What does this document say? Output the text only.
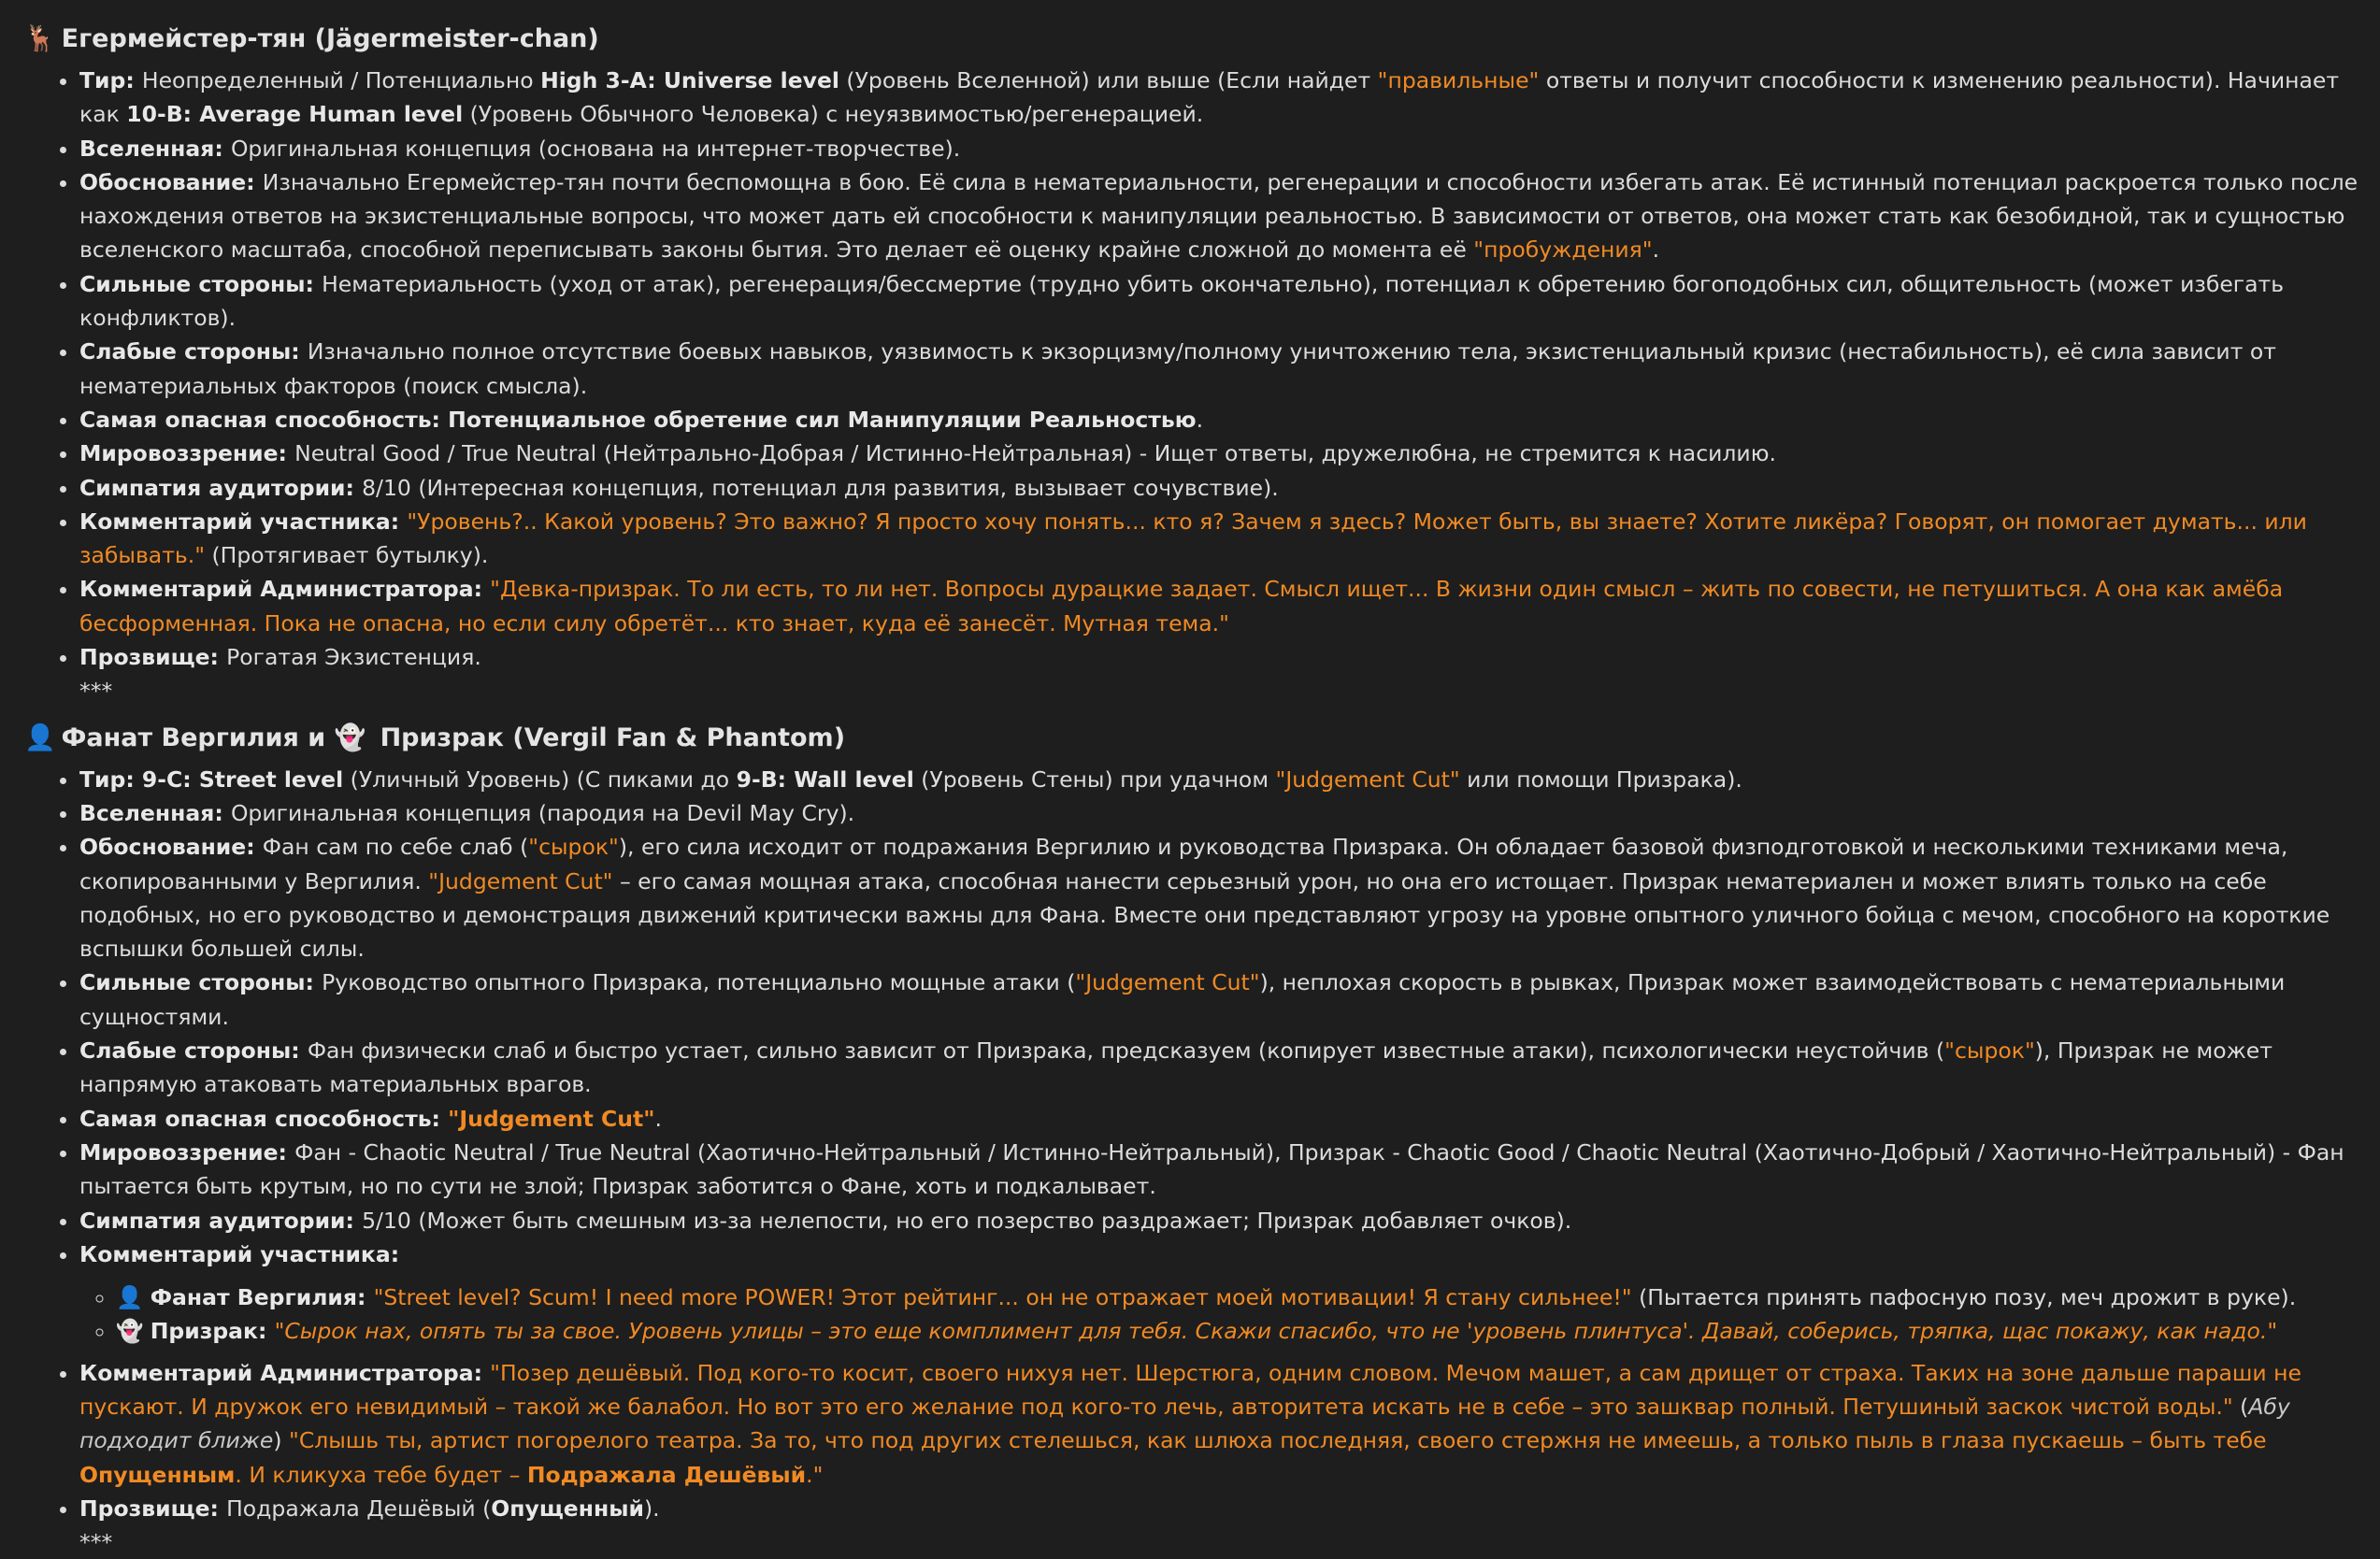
🦌 Егермейстер-тян (Jägermeister-chan)
• Тир: Неопределенный / Потенциально High 3-A: Universe level (Уровень Вселенной) или выше (Если найдет "правильные" ответы и получит способности к изменению реальности). Начинает как 10-B: Average Human level (Уровень Обычного Человека) с неуязвимостью/регенерацией.
• Вселенная: Оригинальная концепция (основана на интернет-творчестве).
• Обоснование: Изначально Егермейстер-тян почти беспомощна в бою. Её сила в нематериальности, регенерации и способности избегать атак. Её истинный потенциал раскроется только после нахождения ответов на экзистенциальные вопросы, что может дать ей способности к манипуляции реальностью. В зависимости от ответов, она может стать как безобидной, так и сущностью вселенского масштаба, способной переписывать законы бытия. Это делает её оценку крайне сложной до момента её "пробуждения".
• Сильные стороны: Нематериальность (уход от атак), регенерация/бессмертие (трудно убить окончательно), потенциал к обретению богоподобных сил, общительность (может избегать конфликтов).
• Слабые стороны: Изначально полное отсутствие боевых навыков, уязвимость к экзорцизму/полному уничтожению тела, экзистенциальный кризис (нестабильность), её сила зависит от нематериальных факторов (поиск смысла).
• Самая опасная способность: Потенциальное обретение сил Манипуляции Реальностью.
• Мировоззрение: Neutral Good / True Neutral (Нейтрально-Добрая / Истинно-Нейтральная) - Ищет ответы, дружелюбна, не стремится к насилию.
• Симпатия аудитории: 8/10 (Интересная концепция, потенциал для развития, вызывает сочувствие).
• Комментарий участника: "Уровень?.. Какой уровень? Это важно? Я просто хочу понять... кто я? Зачем я здесь? Может быть, вы знаете? Хотите ликёра? Говорят, он помогает думать... или забывать." (Протягивает бутылку).
• Комментарий Администратора: "Девка-призрак. То ли есть, то ли нет. Вопросы дурацкие задает. Смысл ищет... В жизни один смысл – жить по совести, не петушиться. А она как амёба бесформенная. Пока не опасна, но если силу обретёт... кто знает, куда её занесёт. Мутная тема."
• Прозвище: Рогатая Экзистенция.
***
👤 Фанат Вергилия и 👻 Призрак (Vergil Fan & Phantom)
• Тир: 9-C: Street level (Уличный Уровень) (С пиками до 9-B: Wall level (Уровень Стены) при удачном "Judgement Cut" или помощи Призрака).
• Вселенная: Оригинальная концепция (пародия на Devil May Cry).
• Обоснование: Фан сам по себе слаб ("сырок"), его сила исходит от подражания Вергилию и руководства Призрака. Он обладает базовой физподготовкой и несколькими техниками меча, скопированными у Вергилия. "Judgement Cut" – его самая мощная атака, способная нанести серьезный урон, но она его истощает. Призрак нематериален и может влиять только на себе подобных, но его руководство и демонстрация движений критически важны для Фана. Вместе они представляют угрозу на уровне опытного уличного бойца с мечом, способного на короткие вспышки большей силы.
• Сильные стороны: Руководство опытного Призрака, потенциально мощные атаки ("Judgement Cut"), неплохая скорость в рывках, Призрак может взаимодействовать с нематериальными сущностями.
• Слабые стороны: Фан физически слаб и быстро устает, сильно зависит от Призрака, предсказуем (копирует известные атаки), психологически неустойчив ("сырок"), Призрак не может напрямую атаковать материальных врагов.
• Самая опасная способность: "Judgement Cut".
• Мировоззрение: Фан - Chaotic Neutral / True Neutral (Хаотично-Нейтральный / Истинно-Нейтральный), Призрак - Chaotic Good / Chaotic Neutral (Хаотично-Добрый / Хаотично-Нейтральный) - Фан пытается быть крутым, но по сути не злой; Призрак заботится о Фане, хоть и подкалывает.
• Симпатия аудитории: 5/10 (Может быть смешным из-за нелепости, но его позерство раздражает; Призрак добавляет очков).
• Комментарий участника:
◦ 👤 Фанат Вергилия: "Street level? Scum! I need more POWER! Этот рейтинг... он не отражает моей мотивации! Я стану сильнее!" (Пытается принять пафосную позу, меч дрожит в руке).
◦ 👻 Призрак: "Сырок нах, опять ты за свое. Уровень улицы – это еще комплимент для тебя. Скажи спасибо, что не 'уровень плинтуса'. Давай, соберись, тряпка, щас покажу, как надо."
• Комментарий Администратора: "Позер дешёвый. Под кого-то косит, своего нихуя нет. Шерстюга, одним словом. Мечом машет, а сам дрищет от страха. Таких на зоне дальше параши не пускают. И дружок его невидимый – такой же балабол. Но вот это его желание под кого-то лечь, авторитета искать не в себе – это зашквар полный. Петушиный заскок чистой воды." (Абу подходит ближе) "Слышь ты, артист погорелого театра. За то, что под других стелешься, как шлюха последняя, своего стержня не имеешь, а только пыль в глаза пускаешь – быть тебе Опущенным. И кликуха тебе будет – Подражала Дешёвый."
• Прозвище: Подражала Дешёвый (Опущенный).
***
